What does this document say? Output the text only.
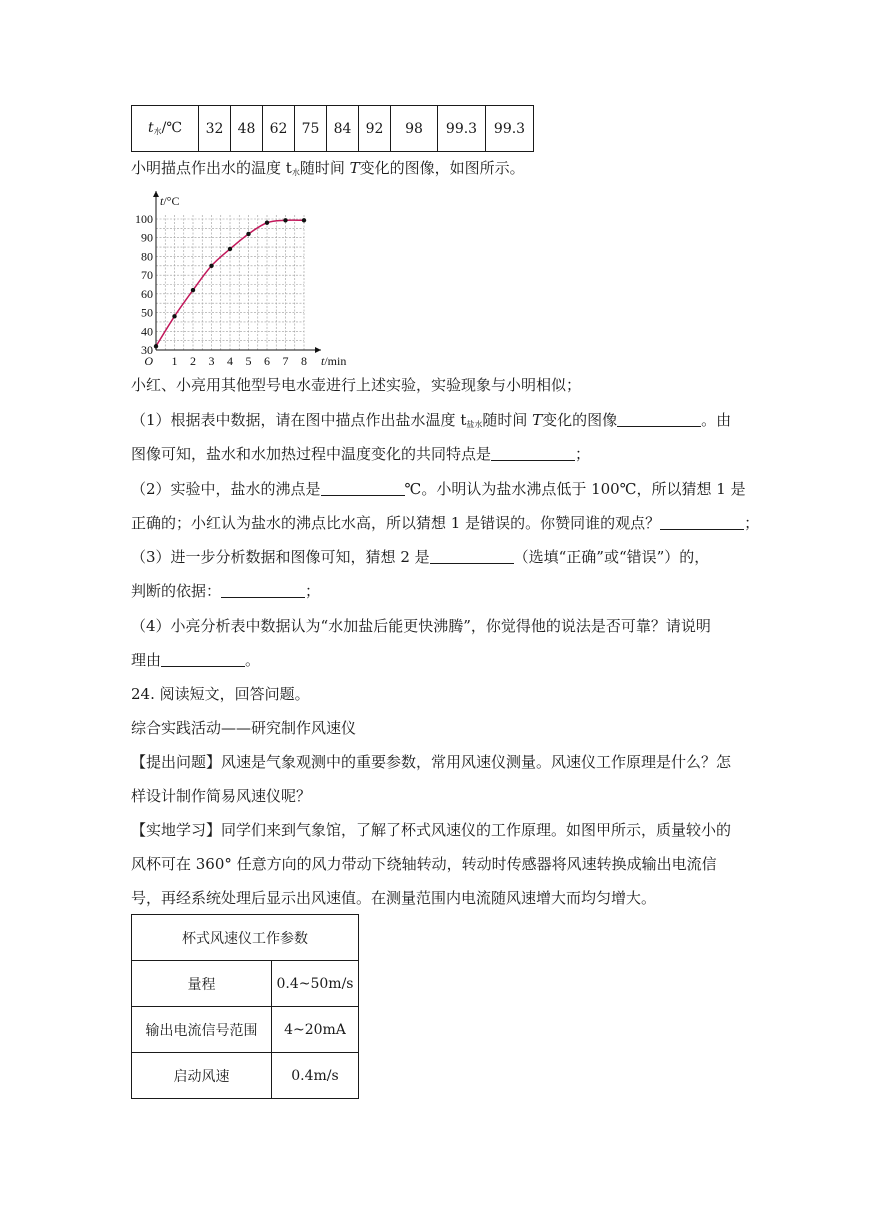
$t_水/℃$	32	48	62	75	84	92	98	99.3	99.3
小明描点作出水的温度 $t_水$随时间 T变化的图像，如图所示。
30
40
50
60
70
80
90
100
1 2 3 4 5 6 7 8
O
t/°C
t/min
小红、小亮用其他型号电水壶进行上述实验，实验现象与小明相似；
（1）根据表中数据，请在图中描点作出盐水温度 $t_{盐水}$随时间 T变化的图像	。由
图像可知，盐水和水加热过程中温度变化的共同特点是	；
（2）实验中，盐水的沸点是	℃。小明认为盐水沸点低于 100℃，所以猜想 1 是
正确的；小红认为盐水的沸点比水高，所以猜想 1 是错误的。你赞同谁的观点？	；
（3）进一步分析数据和图像可知，猜想 2 是	（选填“正确”或“错误”）的，
判断的依据：	；
（4）小亮分析表中数据认为“水加盐后能更快沸腾”，你觉得他的说法是否可靠？请说明
理由	。
24. 阅读短文，回答问题。
综合实践活动——研究制作风速仪
【提出问题】风速是气象观测中的重要参数，常用风速仪测量。风速仪工作原理是什么？怎
样设计制作简易风速仪呢？
【实地学习】同学们来到气象馆，了解了杯式风速仪的工作原理。如图甲所示，质量较小的
风杯可在 360° 任意方向的风力带动下绕轴转动，转动时传感器将风速转换成输出电流信
号，再经系统处理后显示出风速值。在测量范围内电流随风速增大而均匀增大。
杯式风速仪工作参数	
量程	0.4~50m/s
输出电流信号范围	4~20mA
启动风速	0.4m/s
